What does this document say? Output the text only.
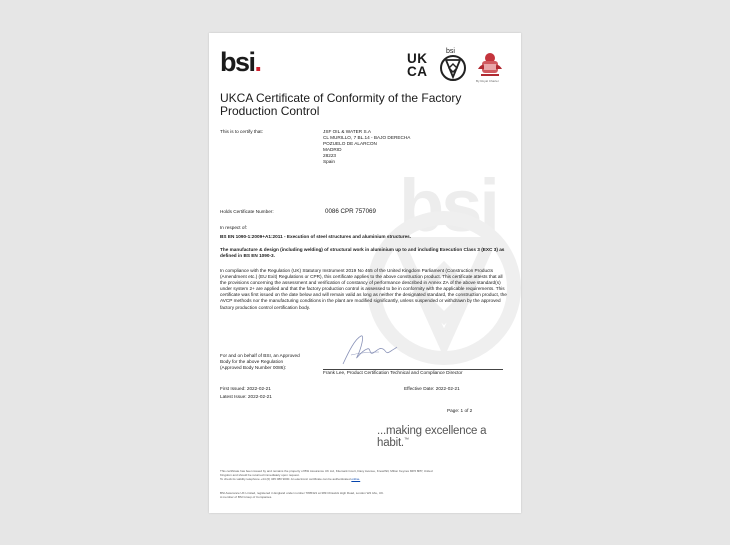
bsi
bsi.	UK
CA
bsi
By Royal Charter
UKCA Certificate of Conformity of the Factory Production Control
This is to certify that:	JSF OIL & WATER S.A
CL MURILLO, 7 BL.14 - BAJO DERECHA
POZUELO DE ALARCON
MADRID
28223
Spain
Holds Certificate Number:	0086 CPR 757069
In respect of:
BS EN 1090-1:2009+A1:2011 - Execution of steel structures and aluminium structures.
The manufacture & design (including welding) of structural work in aluminium up to and including Execution Class 3 (EXC 3) as defined in BS EN 1090-3.
In compliance with the Regulation (UK) Statutory Instrument 2019 No 465 of the United Kingdom Parliament (Construction Products (Amendment etc.) (EU Exit) Regulations or CPR), this certificate applies to the above construction product. This certificate attests that all the provisions concerning the assessment and verification of constancy of performance described in Annex ZA of the above standard(s) under system 2+ are applied and that the factory production control is assessed to be in conformity with the applicable requirements. This certificate was first issued on the date below and will remain valid as long as neither the designated standard, the construction product, the AVCP methods nor the manufacturing conditions in the plant are modified significantly, unless suspended or withdrawn by the approved factory production control certification body.
For and on behalf of BSI, an Approved
Body for the above Regulation
(Approved Body Number 0086):
Frank Lee, Product Certification Technical and Compliance Director
First Issued: 2022-02-21
Latest Issue: 2022-02-21
Effective Date: 2022-02-21
Page: 1 of 2
...making excellence a habit.™
This certificate has been issued by and remains the property of BSI Assurance UK Ltd, Kitemark Court, Davy Avenue, Knowlhill, Milton Keynes MK5 8PP, United
Kingdom and should be returned immediately upon request.
To check its validity telephone +44 (0) 345 080 9000. An electronic certificate can be authenticated online.
BSI Assurance UK Limited, registered in England under number 7805321 at 389 Chiswick High Road, London W4 4AL, UK.
A member of BSI Group of Companies.
